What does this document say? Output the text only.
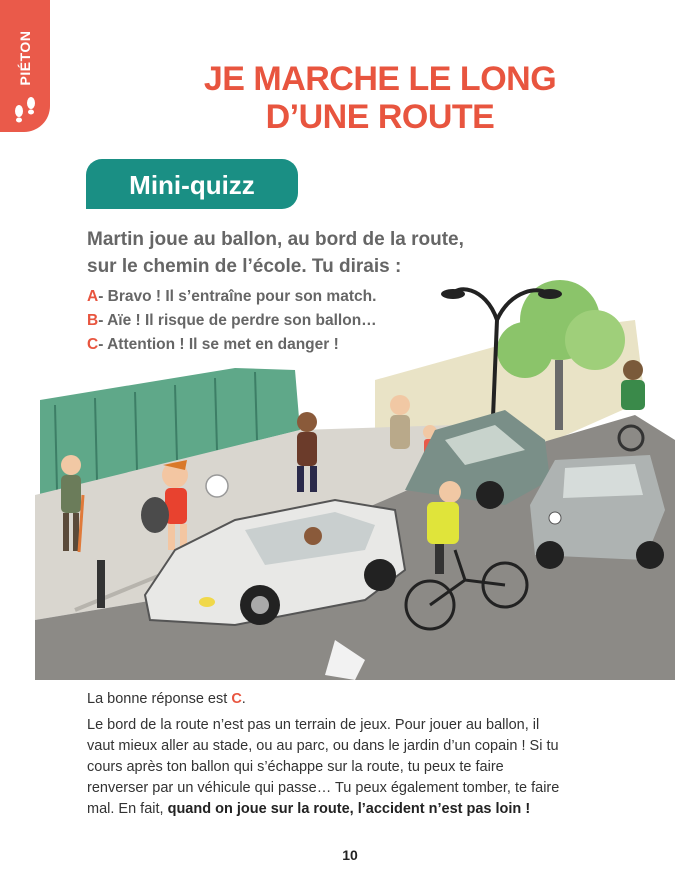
PIÉTON	JE MARCHE LE LONG
D’UNE ROUTE
Mini-quizz
Martin joue au ballon, au bord de la route,
sur le chemin de l’école. Tu dirais :
A- Bravo ! Il s’entraîne pour son match.
B- Aïe ! Il risque de perdre son ballon…
C- Attention ! Il se met en danger !

La bonne réponse est C.

Le bord de la route n’est pas un terrain de jeux. Pour jouer au ballon, il vaut mieux aller au stade, ou au parc, ou dans le jardin d’un copain ! Si tu cours après ton ballon qui s’échappe sur la route, tu peux te faire renverser par un véhicule qui passe… Tu peux également tomber, te faire mal. En fait, quand on joue sur la route, l’accident n’est pas loin !

10
